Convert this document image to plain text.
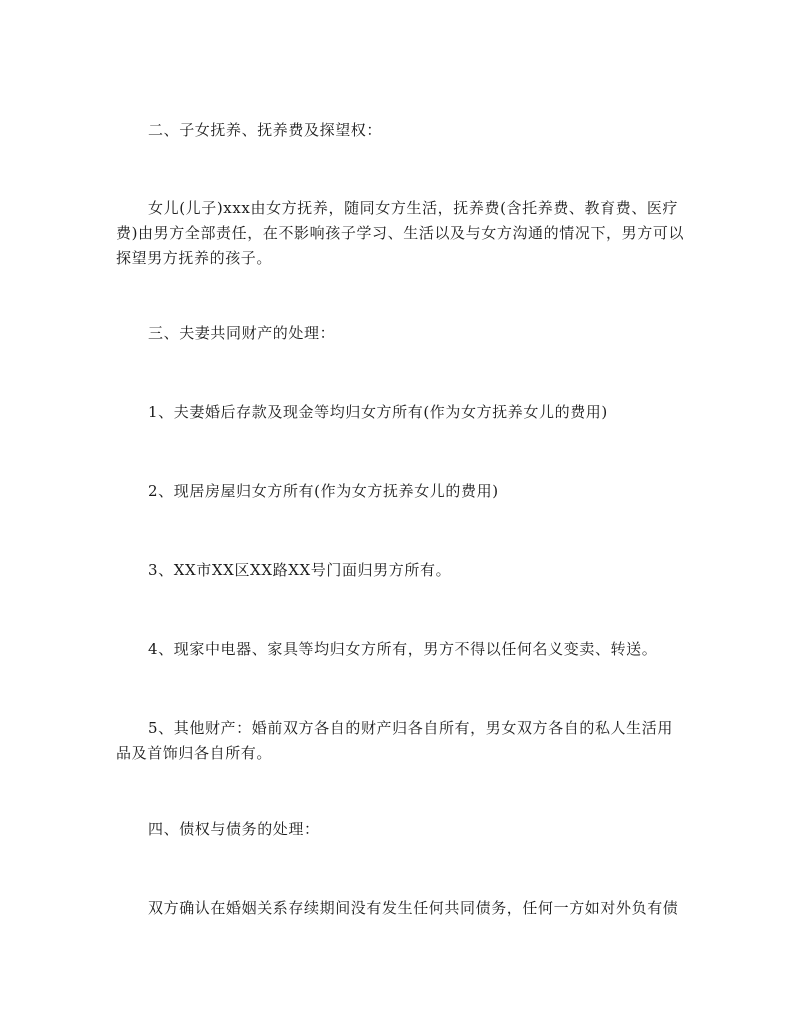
二、子女抚养、抚养费及探望权：

女儿(儿子)xxx由女方抚养，随同女方生活，抚养费(含托养费、教育费、医疗费)由男方全部责任，在不影响孩子学习、生活以及与女方沟通的情况下，男方可以探望男方抚养的孩子。

三、夫妻共同财产的处理：

1、夫妻婚后存款及现金等均归女方所有(作为女方抚养女儿的费用)

2、现居房屋归女方所有(作为女方抚养女儿的费用)

3、XX市XX区XX路XX号门面归男方所有。

4、现家中电器、家具等均归女方所有，男方不得以任何名义变卖、转送。

5、其他财产：婚前双方各自的财产归各自所有，男女双方各自的私人生活用品及首饰归各自所有。

四、债权与债务的处理：

双方确认在婚姻关系存续期间没有发生任何共同债务，任何一方如对外负有债
